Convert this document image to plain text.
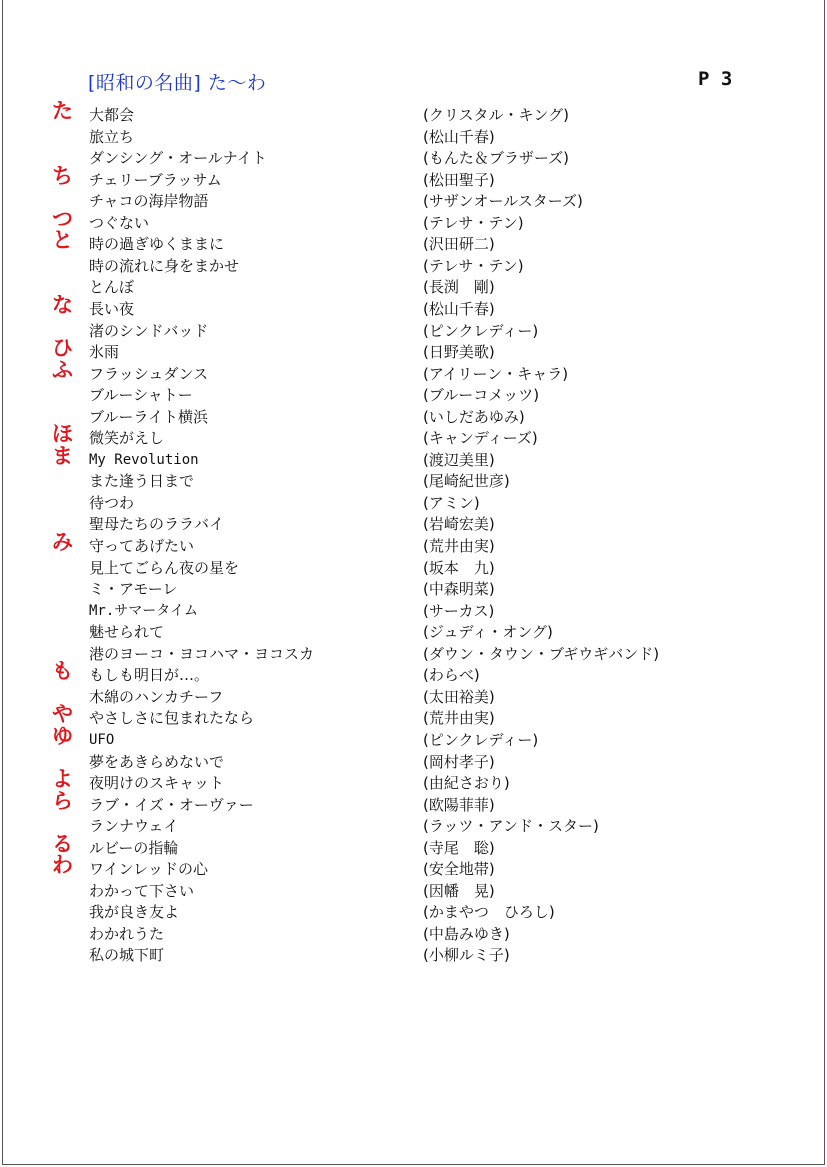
[昭和の名曲] た〜わ	P 3
た 大都会	(クリスタル・キング)
旅立ち	(松山千春)
ダンシング・オールナイト	(もんた＆ブラザーズ)
ち チェリーブラッサム	(松田聖子)
チャコの海岸物語	(サザンオールスターズ)
つ つぐない	(テレサ・テン)
と 時の過ぎゆくままに	(沢田研二)
時の流れに身をまかせ	(テレサ・テン)
とんぼ	(長渕　剛)
な 長い夜	(松山千春)
渚のシンドバッド	(ピンクレディー)
ひ 氷雨	(日野美歌)
ふ フラッシュダンス	(アイリーン・キャラ)
ブルーシャトー	(ブルーコメッツ)
ブルーライト横浜	(いしだあゆみ)
ほ 微笑がえし	(キャンディーズ)
ま My Revolution	(渡辺美里)
また逢う日まで	(尾崎紀世彦)
待つわ	(アミン)
聖母たちのララバイ	(岩崎宏美)
み 守ってあげたい	(荒井由実)
見上てごらん夜の星を	(坂本　九)
ミ・アモーレ	(中森明菜)
Mr.サマータイム	(サーカス)
魅せられて	(ジュディ・オング)
港のヨーコ・ヨコハマ・ヨコスカ	(ダウン・タウン・ブギウギバンド)
も もしも明日が…。	(わらべ)
木綿のハンカチーフ	(太田裕美)
や やさしさに包まれたなら	(荒井由実)
ゆ UFO	(ピンクレディー)
夢をあきらめないで	(岡村孝子)
よ 夜明けのスキャット	(由紀さおり)
ら ラブ・イズ・オーヴァー	(欧陽菲菲)
ランナウェイ	(ラッツ・アンド・スター)
る ルビーの指輪	(寺尾　聡)
わ ワインレッドの心	(安全地帯)
わかって下さい	(因幡　晃)
我が良き友よ	(かまやつ　ひろし)
わかれうた	(中島みゆき)
私の城下町	(小柳ルミ子)
